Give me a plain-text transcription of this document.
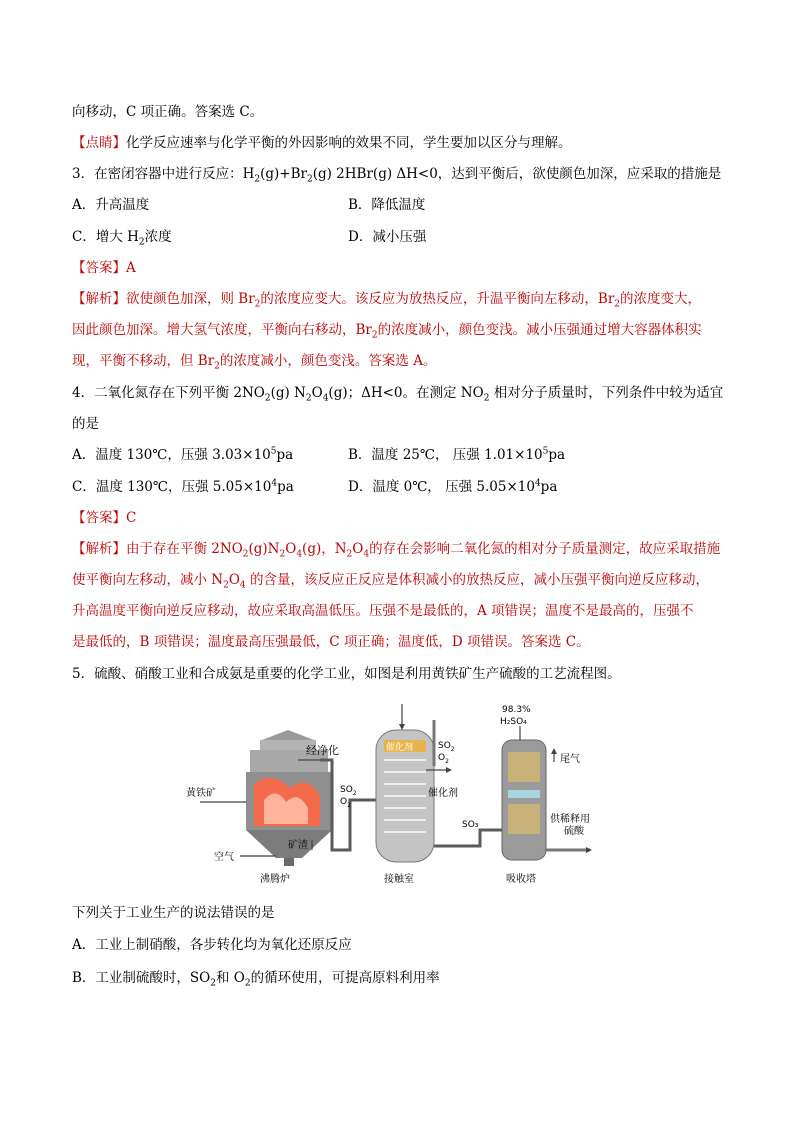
向移动，C 项正确。答案选 C。
【点睛】化学反应速率与化学平衡的外因影响的效果不同，学生要加以区分与理解。
3．在密闭容器中进行反应：$H_2(g)+Br_2(g)$ 2HBr(g) ΔH<0，达到平衡后，欲使颜色加深，应采取的措施是
A．升高温度	B．降低温度
C．增大 $H_2$浓度	D．减小压强
【答案】A
【解析】欲使颜色加深，则 $Br_2$的浓度应变大。该反应为放热反应，升温平衡向左移动，$Br_2$的浓度变大，
因此颜色加深。增大氢气浓度，平衡向右移动，$Br_2$的浓度减小，颜色变浅。减小压强通过增大容器体积实
现，平衡不移动，但 $Br_2$的浓度减小，颜色变浅。答案选 A。
4．二氧化氮存在下列平衡 $2NO_2(g)$ $N_2O_4(g)$；ΔH<0。在测定 $NO_2$ 相对分子质量时，下列条件中较为适宜
的是
A．温度 130℃，压强 $3.03\times 10^5pa$	B．温度 25℃， 压强 $1.01\times 10^5pa$
C．温度 130℃，压强 $5.05\times 10^4pa$	D．温度 0℃， 压强 $5.05\times 10^4pa$
【答案】C
【解析】由于存在平衡 $2NO_2(g)N_2O_4(g)$，$N_2O_4$的存在会影响二氧化氮的相对分子质量测定，故应采取措施
使平衡向左移动，减小 $N_2O_4$ 的含量，该反应正反应是体积减小的放热反应，减小压强平衡向逆反应移动，
升高温度平衡向逆反应移动，故应采取高温低压。压强不是最低的，A 项错误；温度不是最高的，压强不
是最低的，B 项错误；温度最高压强最低，C 项正确；温度低，D 项错误。答案选 C。
5．硫酸、硝酸工业和合成氨是重要的化学工业，如图是利用黄铁矿生产硫酸的工艺流程图。
经净化	$SO_2$
$O_2$
$SO_2$
$O_2$
催化剂
催化剂
98.3%
H₂SO₄
尾气
黄铁矿
空气
矿渣
SO₃	供稀释用
硫酸
沸腾炉	接触室	吸收塔
下列关于工业生产的说法错误的是
A．工业上制硝酸，各步转化均为氧化还原反应
B．工业制硫酸时，$SO_2$和 $O_2$的循环使用，可提高原料利用率
